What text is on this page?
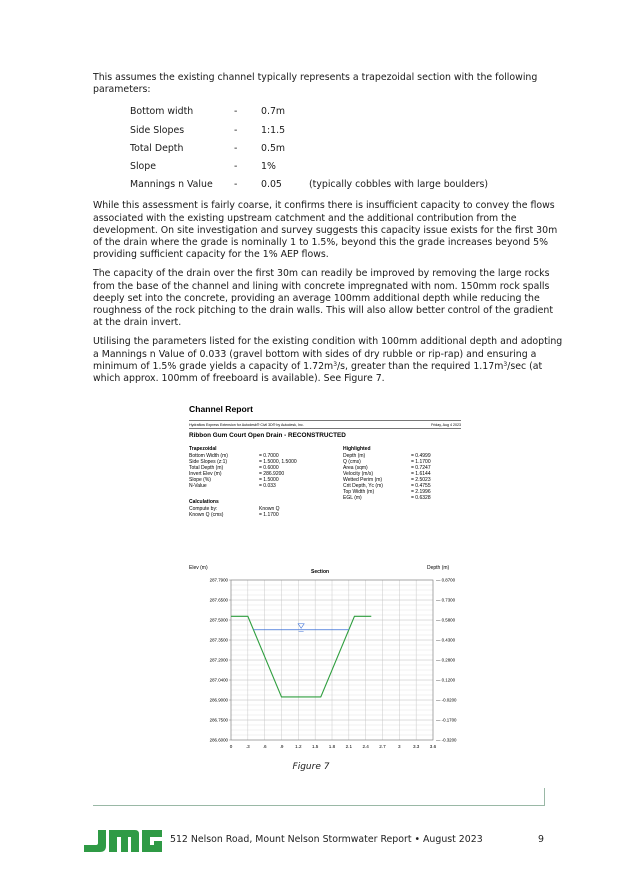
This assumes the existing channel typically represents a trapezoidal section with the following parameters:

Bottom width	-	0.7m	
Side Slopes	-	1:1.5	
Total Depth	-	0.5m	
Slope	-	1%	
Mannings n Value	-	0.05	(typically cobbles with large boulders)

While this assessment is fairly coarse, it confirms there is insufficient capacity to convey the flows associated with the existing upstream catchment and the additional contribution from the development. On site investigation and survey suggests this capacity issue exists for the first 30m of the drain where the grade is nominally 1 to 1.5%, beyond this the grade increases beyond 5% providing sufficient capacity for the 1% AEP flows.

The capacity of the drain over the first 30m can readily be improved by removing the large rocks from the base of the channel and lining with concrete impregnated with nom. 150mm rock spalls deeply set into the concrete, providing an average 100mm additional depth while reducing the roughness of the rock pitching to the drain walls. This will also allow better control of the gradient at the drain invert.

Utilising the parameters listed for the existing condition with 100mm additional depth and adopting a Mannings n Value of 0.033 (gravel bottom with sides of dry rubble or rip-rap) and ensuring a minimum of 1.5% grade yields a capacity of $1.72m^3/s$, greater than the required $1.17m^3/\sec$ (at which approx. 100mm of freeboard is available). See Figure 7.

Channel Report
Hydraflow Express Extension for Autodesk® Civil 3D® by Autodesk, Inc.	Friday, Aug 4 2023
Ribbon Gum Court Open Drain - RECONSTRUCTED
Trapezoidal
Bottom Width (m)	= 0.7000
Side Slopes (z:1)	= 1.5000, 1.5000
Total Depth (m)	= 0.6000
Invert Elev (m)	= 286.9200
Slope (%)	= 1.5000
N-Value	= 0.033
Calculations
Compute by:	Known Q
Known Q (cms)	= 1.1700
Highlighted
Depth (m)	= 0.4999
Q (cms)	= 1.1700
Area (sqm)	= 0.7247
Velocity (m/s)	= 1.6144
Wetted Perim (m)	= 2.5023
Crit Depth, Yc (m)	= 0.4755
Top Width (m)	= 2.1996
EGL (m)	= 0.6328
Elev (m)	Depth (m)
Section
0	.3	.6	.9	1.2 1.5 1.8 2.1 2.4 2.7	3	3.3 3.6
287.7900
287.6500
287.5000
287.3500
287.2000
287.0400
286.9000
286.7500
286.6000
— 0.8700
— 0.7300
— 0.5800
— 0.4300
— 0.2800
— 0.1200
— -0.0200
— -0.1700
— -0.3200
Figure 7
512 Nelson Road, Mount Nelson Stormwater Report • August 2023	9
